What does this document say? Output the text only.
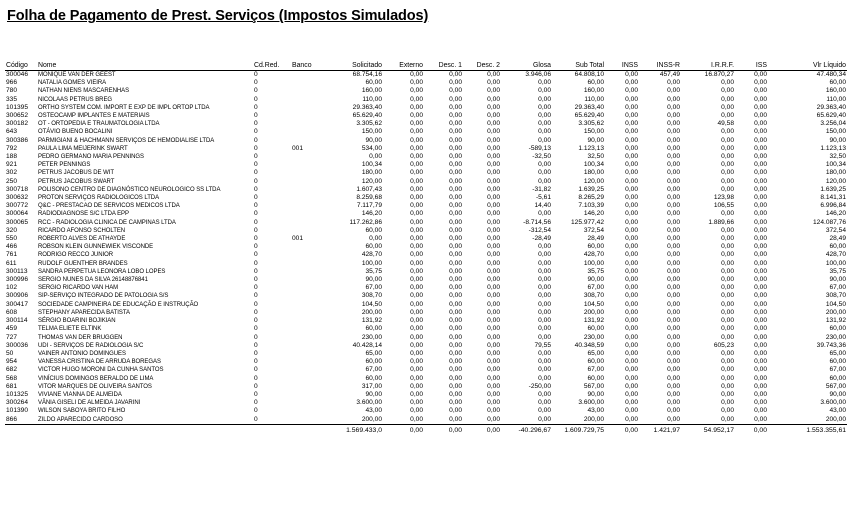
Folha de Pagamento de Prest. Serviços (Impostos Simulados)
Código	Nome	Cd.Red.	Banco	Solicitado	Externo	Desc. 1	Desc. 2	Glosa	Sub Total	INSS	INSS-R	I.R.R.F.	ISS	Vlr Líquido
300046	MONIQUE VAN DER GEEST	0		68.754,16	0,00	0,00	0,00	3.946,06	64.808,10	0,00	457,49	16.870,27	0,00	47.480,34
966	NATALIA GOMES VIEIRA	0		60,00	0,00	0,00	0,00	0,00	60,00	0,00	0,00	0,00	0,00	60,00
780	NATHAN NIENS MASCARENHAS	0		160,00	0,00	0,00	0,00	0,00	160,00	0,00	0,00	0,00	0,00	160,00
335	NICOLAAS PETRUS BREG	0		110,00	0,00	0,00	0,00	0,00	110,00	0,00	0,00	0,00	0,00	110,00
101395	ORTHO SYSTEM COM. IMPORT E EXP DE IMPL ORTOP LTDA	0		29.363,40	0,00	0,00	0,00	0,00	29.363,40	0,00	0,00	0,00	0,00	29.363,40
300652	OSTEOCAMP IMPLANTES E MATERIAIS	0		65.629,40	0,00	0,00	0,00	0,00	65.629,40	0,00	0,00	0,00	0,00	65.629,40
300182	OT - ORTOPEDIA E TRAUMATOLOGIA LTDA	0		3.305,62	0,00	0,00	0,00	0,00	3.305,62	0,00	0,00	49,58	0,00	3.256,04
643	OTÁVIO BUENO BOCALINI	0		150,00	0,00	0,00	0,00	0,00	150,00	0,00	0,00	0,00	0,00	150,00
300386	PARMIGIANI & HACHMANN SERVIÇOS DE HEMODIALISE LTDA	0		90,00	0,00	0,00	0,00	0,00	90,00	0,00	0,00	0,00	0,00	90,00
792	PAULA LIMA MEIJERINK SWART	0	001	534,00	0,00	0,00	0,00	-589,13	1.123,13	0,00	0,00	0,00	0,00	1.123,13
188	PEDRO GERMANO MARIA PENNINGS	0		0,00	0,00	0,00	0,00	-32,50	32,50	0,00	0,00	0,00	0,00	32,50
921	PETER PENNINGS	0		100,34	0,00	0,00	0,00	0,00	100,34	0,00	0,00	0,00	0,00	100,34
302	PETRUS JACOBUS DE WIT	0		180,00	0,00	0,00	0,00	0,00	180,00	0,00	0,00	0,00	0,00	180,00
250	PETRUS JACOBUS SWART	0		120,00	0,00	0,00	0,00	0,00	120,00	0,00	0,00	0,00	0,00	120,00
300718	POLISONO CENTRO DE DIAGNÓSTICO NEUROLOGICO SS LTDA	0		1.607,43	0,00	0,00	0,00	-31,82	1.639,25	0,00	0,00	0,00	0,00	1.639,25
300632	PROTON SERVIÇOS RADIOLOGICOS LTDA	0		8.259,68	0,00	0,00	0,00	-5,61	8.265,29	0,00	0,00	123,98	0,00	8.141,31
300772	Q&C - PRESTACAO DE SERVICOS MEDICOS LTDA	0		7.117,79	0,00	0,00	0,00	14,40	7.103,39	0,00	0,00	106,55	0,00	6.996,84
300064	RADIODIAGNOSE S/C LTDA EPP	0		146,20	0,00	0,00	0,00	0,00	146,20	0,00	0,00	0,00	0,00	146,20
300065	RCC - RADIOLOGIA CLINICA DE CAMPINAS LTDA	0		117.262,86	0,00	0,00	0,00	-8.714,56	125.977,42	0,00	0,00	1.889,66	0,00	124.087,76
320	RICARDO AFONSO SCHOLTEN	0		60,00	0,00	0,00	0,00	-312,54	372,54	0,00	0,00	0,00	0,00	372,54
550	ROBERTO ALVES DE ATHAYDE	0	001	0,00	0,00	0,00	0,00	-28,49	28,49	0,00	0,00	0,00	0,00	28,49
466	ROBSON KLEIN GUNNEWIEK VISCONDE	0		60,00	0,00	0,00	0,00	0,00	60,00	0,00	0,00	0,00	0,00	60,00
761	RODRIGO RECCO JUNIOR	0		428,70	0,00	0,00	0,00	0,00	428,70	0,00	0,00	0,00	0,00	428,70
611	RUDOLF GUENTHER BRANDES	0		100,00	0,00	0,00	0,00	0,00	100,00	0,00	0,00	0,00	0,00	100,00
300113	SANDRA PERPETUA LEONORA LOBO LOPES	0		35,75	0,00	0,00	0,00	0,00	35,75	0,00	0,00	0,00	0,00	35,75
300996	SERGIO NUNES DA SILVA 26148876841	0		90,00	0,00	0,00	0,00	0,00	90,00	0,00	0,00	0,00	0,00	90,00
102	SERGIO RICARDO VAN HAM	0		67,00	0,00	0,00	0,00	0,00	67,00	0,00	0,00	0,00	0,00	67,00
300906	SIP-SERVIÇO INTEGRADO DE PATOLOGIA S/S	0		308,70	0,00	0,00	0,00	0,00	308,70	0,00	0,00	0,00	0,00	308,70
300417	SOCIEDADE CAMPINEIRA DE EDUCAÇÃO E INSTRUÇÃO	0		104,50	0,00	0,00	0,00	0,00	104,50	0,00	0,00	0,00	0,00	104,50
608	STEPHANY APARECIDA BATISTA	0		200,00	0,00	0,00	0,00	0,00	200,00	0,00	0,00	0,00	0,00	200,00
300114	SÉRGIO BOARINI BOJIKIAN	0		131,92	0,00	0,00	0,00	0,00	131,92	0,00	0,00	0,00	0,00	131,92
459	TELMA ELIETE ELTINK	0		60,00	0,00	0,00	0,00	0,00	60,00	0,00	0,00	0,00	0,00	60,00
727	THOMAS VAN DER BRUGGEN	0		230,00	0,00	0,00	0,00	0,00	230,00	0,00	0,00	0,00	0,00	230,00
300036	UDI - SERVIÇOS DE RADIOLOGIA S/C	0		40.428,14	0,00	0,00	0,00	79,55	40.348,59	0,00	0,00	605,23	0,00	39.743,36
50	VAINER ANTONIO DOMINGUES	0		65,00	0,00	0,00	0,00	0,00	65,00	0,00	0,00	0,00	0,00	65,00
954	VANESSA CRISTINA DE ARRUDA BOREGAS	0		60,00	0,00	0,00	0,00	0,00	60,00	0,00	0,00	0,00	0,00	60,00
682	VICTOR HUGO MORONI DA CUNHA SANTOS	0		67,00	0,00	0,00	0,00	0,00	67,00	0,00	0,00	0,00	0,00	67,00
568	VINÍCIUS DOMINGOS BERALDO DE LIMA	0		60,00	0,00	0,00	0,00	0,00	60,00	0,00	0,00	0,00	0,00	60,00
681	VITOR MARQUES DE OLIVEIRA SANTOS	0		317,00	0,00	0,00	0,00	-250,00	567,00	0,00	0,00	0,00	0,00	567,00
101325	VIVIANE VIANNA DE ALMEIDA	0		90,00	0,00	0,00	0,00	0,00	90,00	0,00	0,00	0,00	0,00	90,00
300264	VÂNIA GISELI DE ALMEIDA JAVARINI	0		3.600,00	0,00	0,00	0,00	0,00	3.600,00	0,00	0,00	0,00	0,00	3.600,00
101390	WILSON SABOYA BRITO FILHO	0		43,00	0,00	0,00	0,00	0,00	43,00	0,00	0,00	0,00	0,00	43,00
866	ZILDO APARECIDO CARDOSO	0		200,00	0,00	0,00	0,00	0,00	200,00	0,00	0,00	0,00	0,00	200,00
				1.569.433,0	0,00	0,00	0,00	-40.296,67	1.609.729,75	0,00	1.421,97	54.952,17	0,00	1.553.355,61
